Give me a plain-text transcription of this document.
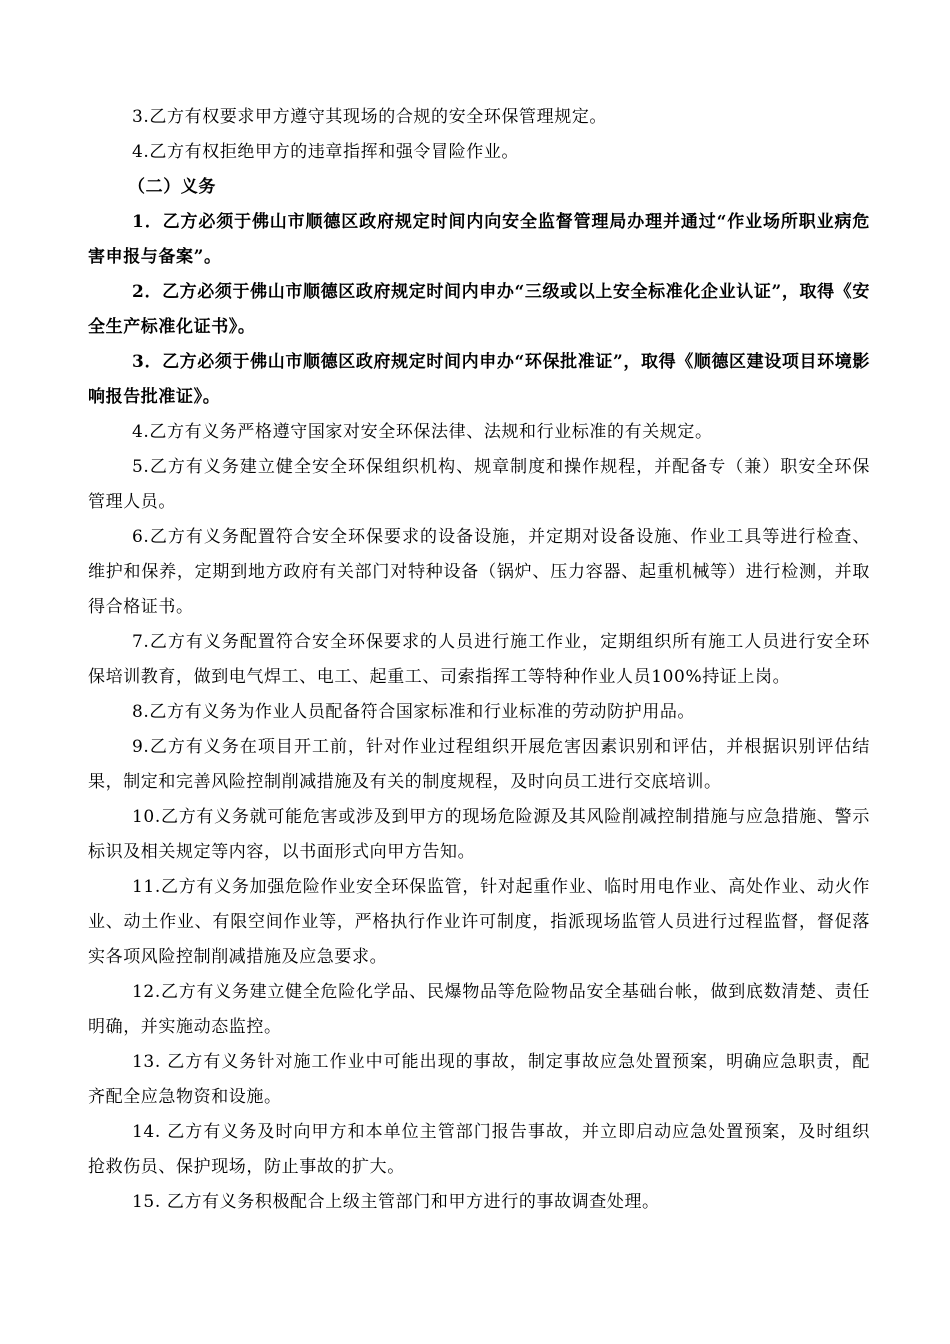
3.乙方有权要求甲方遵守其现场的合规的安全环保管理规定。

4.乙方有权拒绝甲方的违章指挥和强令冒险作业。

（二）义务

1．乙方必须于佛山市顺德区政府规定时间内向安全监督管理局办理并通过“作业场所职业病危害申报与备案”。

2．乙方必须于佛山市顺德区政府规定时间内申办“三级或以上安全标准化企业认证”，取得《安全生产标准化证书》。

3．乙方必须于佛山市顺德区政府规定时间内申办“环保批准证”，取得《顺德区建设项目环境影响报告批准证》。

4.乙方有义务严格遵守国家对安全环保法律、法规和行业标准的有关规定。

5.乙方有义务建立健全安全环保组织机构、规章制度和操作规程，并配备专（兼）职安全环保管理人员。

6.乙方有义务配置符合安全环保要求的设备设施，并定期对设备设施、作业工具等进行检查、维护和保养，定期到地方政府有关部门对特种设备（锅炉、压力容器、起重机械等）进行检测，并取得合格证书。

7.乙方有义务配置符合安全环保要求的人员进行施工作业，定期组织所有施工人员进行安全环保培训教育，做到电气焊工、电工、起重工、司索指挥工等特种作业人员100%持证上岗。

8.乙方有义务为作业人员配备符合国家标准和行业标准的劳动防护用品。

9.乙方有义务在项目开工前，针对作业过程组织开展危害因素识别和评估，并根据识别评估结果，制定和完善风险控制削减措施及有关的制度规程，及时向员工进行交底培训。

10.乙方有义务就可能危害或涉及到甲方的现场危险源及其风险削减控制措施与应急措施、警示标识及相关规定等内容，以书面形式向甲方告知。

11.乙方有义务加强危险作业安全环保监管，针对起重作业、临时用电作业、高处作业、动火作业、动土作业、有限空间作业等，严格执行作业许可制度，指派现场监管人员进行过程监督，督促落实各项风险控制削减措施及应急要求。

12.乙方有义务建立健全危险化学品、民爆物品等危险物品安全基础台帐，做到底数清楚、责任明确，并实施动态监控。

13. 乙方有义务针对施工作业中可能出现的事故，制定事故应急处置预案，明确应急职责，配齐配全应急物资和设施。

14. 乙方有义务及时向甲方和本单位主管部门报告事故，并立即启动应急处置预案，及时组织抢救伤员、保护现场，防止事故的扩大。

15. 乙方有义务积极配合上级主管部门和甲方进行的事故调查处理。
